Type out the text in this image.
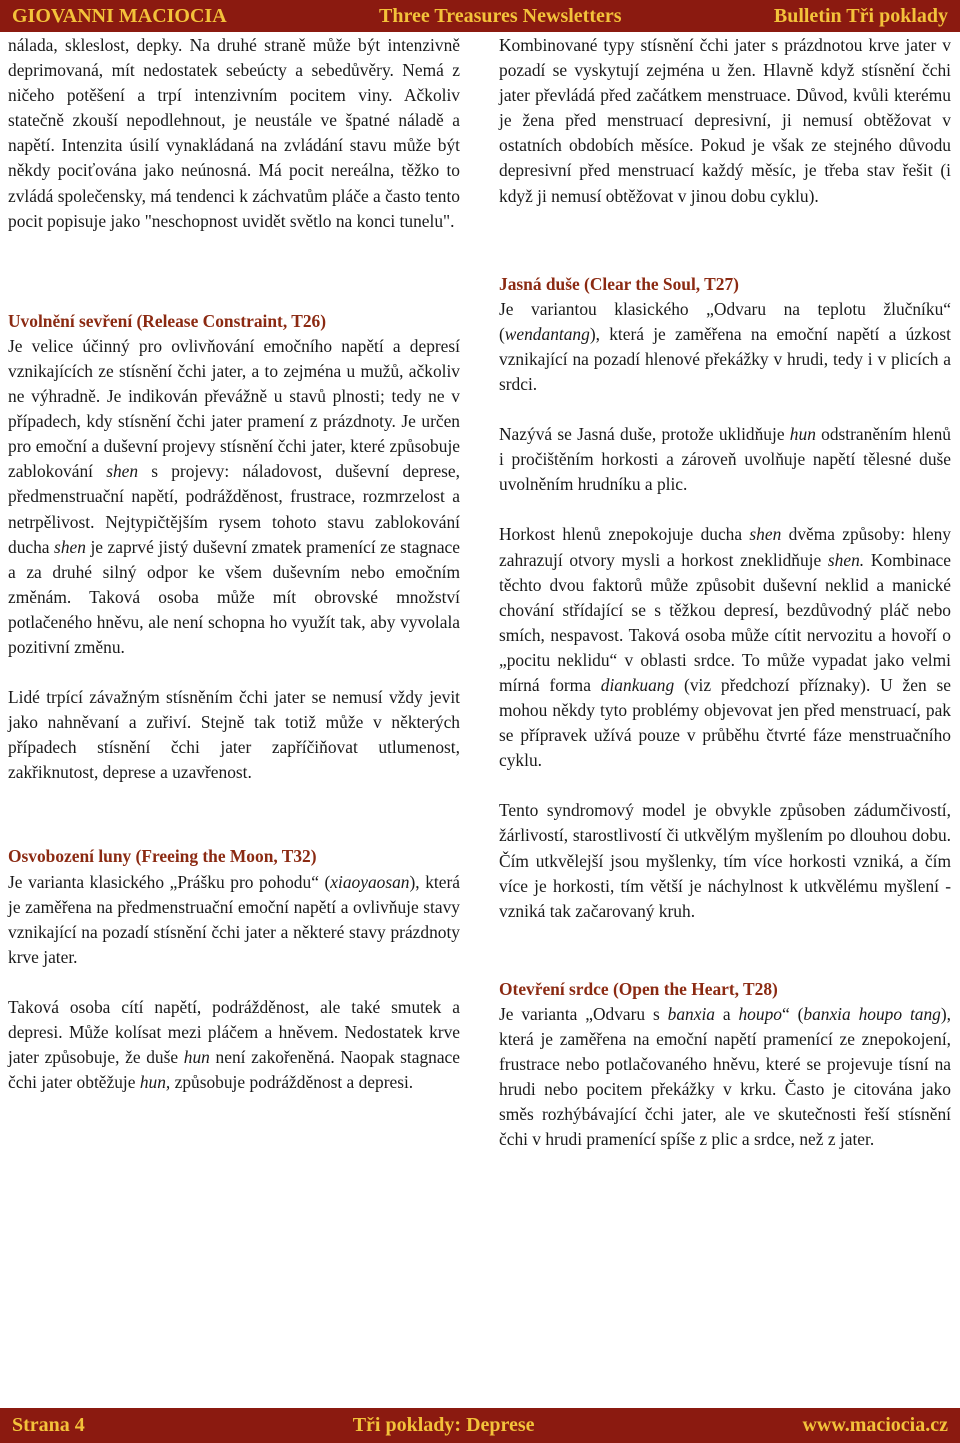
GIOVANNI MACIOCIA	Three Treasures Newsletters	Bulletin Tři poklady

nálada, skleslost, depky. Na druhé straně může být intenzivně deprimovaná, mít nedostatek sebeúcty a sebedůvěry. Nemá z ničeho potěšení a trpí intenzivním pocitem viny. Ačkoliv statečně zkouší nepodlehnout, je neustále ve špatné náladě a napětí. Intenzita úsilí vynakládaná na zvládání stavu může být někdy pociťována jako neúnosná. Má pocit nereálna, těžko to zvládá společensky, má tendenci k záchvatům pláče a často tento pocit popisuje jako "neschopnost uvidět světlo na konci tunelu".

Uvolnění sevření (Release Constraint, T26)

Je velice účinný pro ovlivňování emočního napětí a depresí vznikajících ze stísnění čchi jater, a to zejména u mužů, ačkoliv ne výhradně. Je indikován převážně u stavů plnosti; tedy ne v případech, kdy stísnění čchi jater pramení z prázdnoty. Je určen pro emoční a duševní projevy stísnění čchi jater, které způsobuje zablokování shen s projevy: náladovost, duševní deprese, předmenstruační napětí, podrážděnost, frustrace, rozmrzelost a netrpělivost. Nejtypičtějším rysem tohoto stavu zablokování ducha shen je zaprvé jistý duševní zmatek pramenící ze stagnace a za druhé silný odpor ke všem duševním nebo emočním změnám. Taková osoba může mít obrovské množství potlačeného hněvu, ale není schopna ho využít tak, aby vyvolala pozitivní změnu.

Lidé trpící závažným stísněním čchi jater se nemusí vždy jevit jako nahněvaní a zuřiví. Stejně tak totiž může v některých případech stísnění čchi jater zapříčiňovat utlumenost, zakřiknutost, deprese a uzavřenost.

Osvobození luny (Freeing the Moon, T32)

Je varianta klasického „Prášku pro pohodu“ (xiaoyaosan), která je zaměřena na předmenstruační emoční napětí a ovlivňuje stavy vznikající na pozadí stísnění čchi jater a některé stavy prázdnoty krve jater.

Taková osoba cítí napětí, podrážděnost, ale také smutek a depresi. Může kolísat mezi pláčem a hněvem. Nedostatek krve jater způsobuje, že duše hun není zakořeněná. Naopak stagnace čchi jater obtěžuje hun, způsobuje podrážděnost a depresi.

Kombinované typy stísnění čchi jater s prázdnotou krve jater v pozadí se vyskytují zejména u žen. Hlavně když stísnění čchi jater převládá před začátkem menstruace. Důvod, kvůli kterému je žena před menstruací depresivní, ji nemusí obtěžovat v ostatních obdobích měsíce. Pokud je však ze stejného důvodu depresivní před menstruací každý měsíc, je třeba stav řešit (i když ji nemusí obtěžovat v jinou dobu cyklu).

Jasná duše (Clear the Soul, T27)

Je variantou klasického „Odvaru na teplotu žlučníku“ (wendantang), která je zaměřena na emoční napětí a úzkost vznikající na pozadí hlenové překážky v hrudi, tedy i v plicích a srdci.

Nazývá se Jasná duše, protože uklidňuje hun odstraněním hlenů i pročištěním horkosti a zároveň uvolňuje napětí tělesné duše uvolněním hrudníku a plic.

Horkost hlenů znepokojuje ducha shen dvěma způsoby: hleny zahrazují otvory mysli a horkost zneklidňuje shen. Kombinace těchto dvou faktorů může způsobit duševní neklid a manické chování střídající se s těžkou depresí, bezdůvodný pláč nebo smích, nespavost. Taková osoba může cítit nervozitu a hovoří o „pocitu neklidu“ v oblasti srdce. To může vypadat jako velmi mírná forma diankuang (viz předchozí příznaky). U žen se mohou někdy tyto problémy objevovat jen před menstruací, pak se přípravek užívá pouze v průběhu čtvrté fáze menstruačního cyklu.

Tento syndromový model je obvykle způsoben zádumčivostí, žárlivostí, starostlivostí či utkvělým myšlením po dlouhou dobu. Čím utkvělejší jsou myšlenky, tím více horkosti vzniká, a čím více je horkosti, tím větší je náchylnost k utkvělému myšlení - vzniká tak začarovaný kruh.

Otevření srdce (Open the Heart, T28)

Je varianta „Odvaru s banxia a houpo“ (banxia houpo tang), která je zaměřena na emoční napětí pramenící ze znepokojení, frustrace nebo potlačovaného hněvu, které se projevuje tísní na hrudi nebo pocitem překážky v krku. Často je citována jako směs rozhýbávající čchi jater, ale ve skutečnosti řeší stísnění čchi v hrudi pramenící spíše z plic a srdce, než z jater.

Strana 4	Tři poklady: Deprese	www.maciocia.cz
